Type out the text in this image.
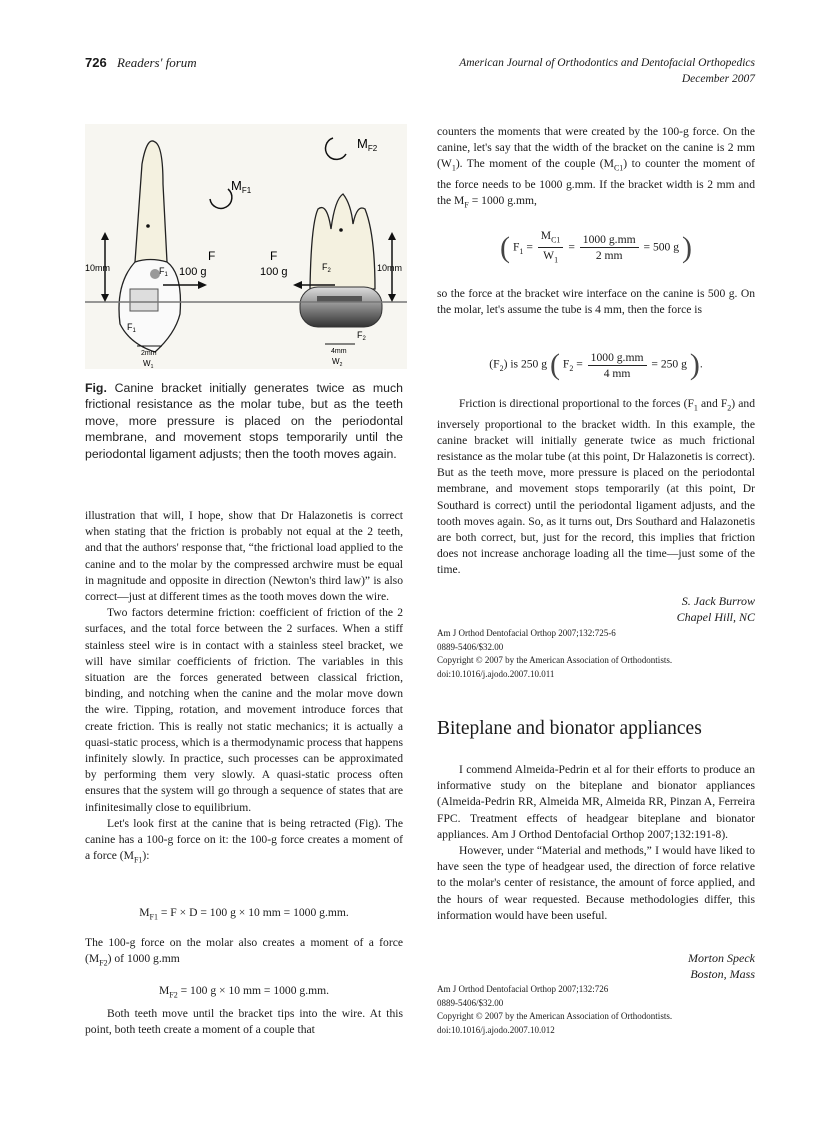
726 Readers' forum	American Journal of Orthodontics and Dentofacial Orthopedics
December 2007
$M_{F1}$
$M_{F2}$
F
100 g
F
100 g
10mm	10mm
$F_1$
$F_1$
$F_2$
$F_2$
2mm
$W_1$
4mm
$W_2$
Fig. Canine bracket initially generates twice as much frictional resistance as the molar tube, but as the teeth move, more pressure is placed on the periodontal membrane, and movement stops temporarily until the periodontal ligament adjusts; then the tooth moves again.

illustration that will, I hope, show that Dr Halazonetis is correct when stating that the friction is probably not equal at the 2 teeth, and that the authors' response that, “the frictional load applied to the canine and to the molar by the compressed archwire must be equal in magnitude and opposite in direction (Newton's third law)” is also correct—just at different times as the tooth moves down the wire.

Two factors determine friction: coefficient of friction of the 2 surfaces, and the total force between the 2 surfaces. When a stiff stainless steel wire is in contact with a stainless steel bracket, we will have similar coefficients of friction. The variables in this situation are the forces generated between classical friction, binding, and notching when the canine and the molar move down the wire. Tipping, rotation, and movement introduce forces that create friction. This is really not static mechanics; it is actually a quasi-static process, which is a thermodynamic process that happens infinitely slowly. In practice, such processes can be approximated by performing them very slowly. A quasi-static process often ensures that the system will go through a sequence of states that are infinitesimally close to equilibrium.

Let's look first at the canine that is being retracted (Fig). The canine has a 100-g force on it: the 100-g force creates a moment of a force $(M_{F1})$:

$M_{F1} = F \times D = 100$ g × 10 mm = 1000 g.mm.
The 100-g force on the molar also creates a moment of a force $(M_{F2})$ of 1000 g.mm
$M_{F2} = 100$ g × 10 mm = 1000 g.mm.
Both teeth move until the bracket tips into the wire. At this point, both teeth create a moment of a couple that
counters the moments that were created by the 100-g force. On the canine, let's say that the width of the bracket on the canine is 2 mm $(W_1)$. The moment of the couple $(M_{C1})$ to counter the moment of the force needs to be 1000 g.mm. If the bracket width is 2 mm and the $M_F = 1000$ g.mm,
( $F_1 = \frac{M_{C1}}{W_1} = \frac{1000 g.mm}{2 mm} = 500$ g )
so the force at the bracket wire interface on the canine is 500 g. On the molar, let's assume the tube is 4 mm, then the force is
$(F_2)$ is 250 g ( $F_2 = \frac{1000 g.mm}{4 mm} = 250$ g ).
Friction is directional proportional to the forces ($F_1$ and $F_2$) and inversely proportional to the bracket width. In this example, the canine bracket will initially generate twice as much frictional resistance as the molar tube (at this point, Dr Halazonetis is correct). But as the teeth move, more pressure is placed on the periodontal membrane, and movement stops temporarily (at this point, Dr Southard is correct) until the periodontal ligament adjusts, and the tooth moves again. So, as it turns out, Drs Southard and Halazonetis are both correct, but, just for the record, this implies that friction does not increase anchorage loading all the time—just some of the time.
S. Jack Burrow
Chapel Hill, NC
Am J Orthod Dentofacial Orthop 2007;132:725-6
0889-5406/$32.00
Copyright © 2007 by the American Association of Orthodontists.
doi:10.1016/j.ajodo.2007.10.011
Biteplane and bionator appliances

I commend Almeida-Pedrin et al for their efforts to produce an informative study on the biteplane and bionator appliances (Almeida-Pedrin RR, Almeida MR, Almeida RR, Pinzan A, Ferreira FPC. Treatment effects of headgear biteplane and bionator appliances. Am J Orthod Dentofacial Orthop 2007;132:191-8).

However, under “Material and methods,” I would have liked to have seen the type of headgear used, the direction of force relative to the molar's center of resistance, the amount of force applied, and the hours of wear requested. Because methodologies differ, this information would have been useful.

Morton Speck
Boston, Mass
Am J Orthod Dentofacial Orthop 2007;132:726
0889-5406/$32.00
Copyright © 2007 by the American Association of Orthodontists.
doi:10.1016/j.ajodo.2007.10.012
